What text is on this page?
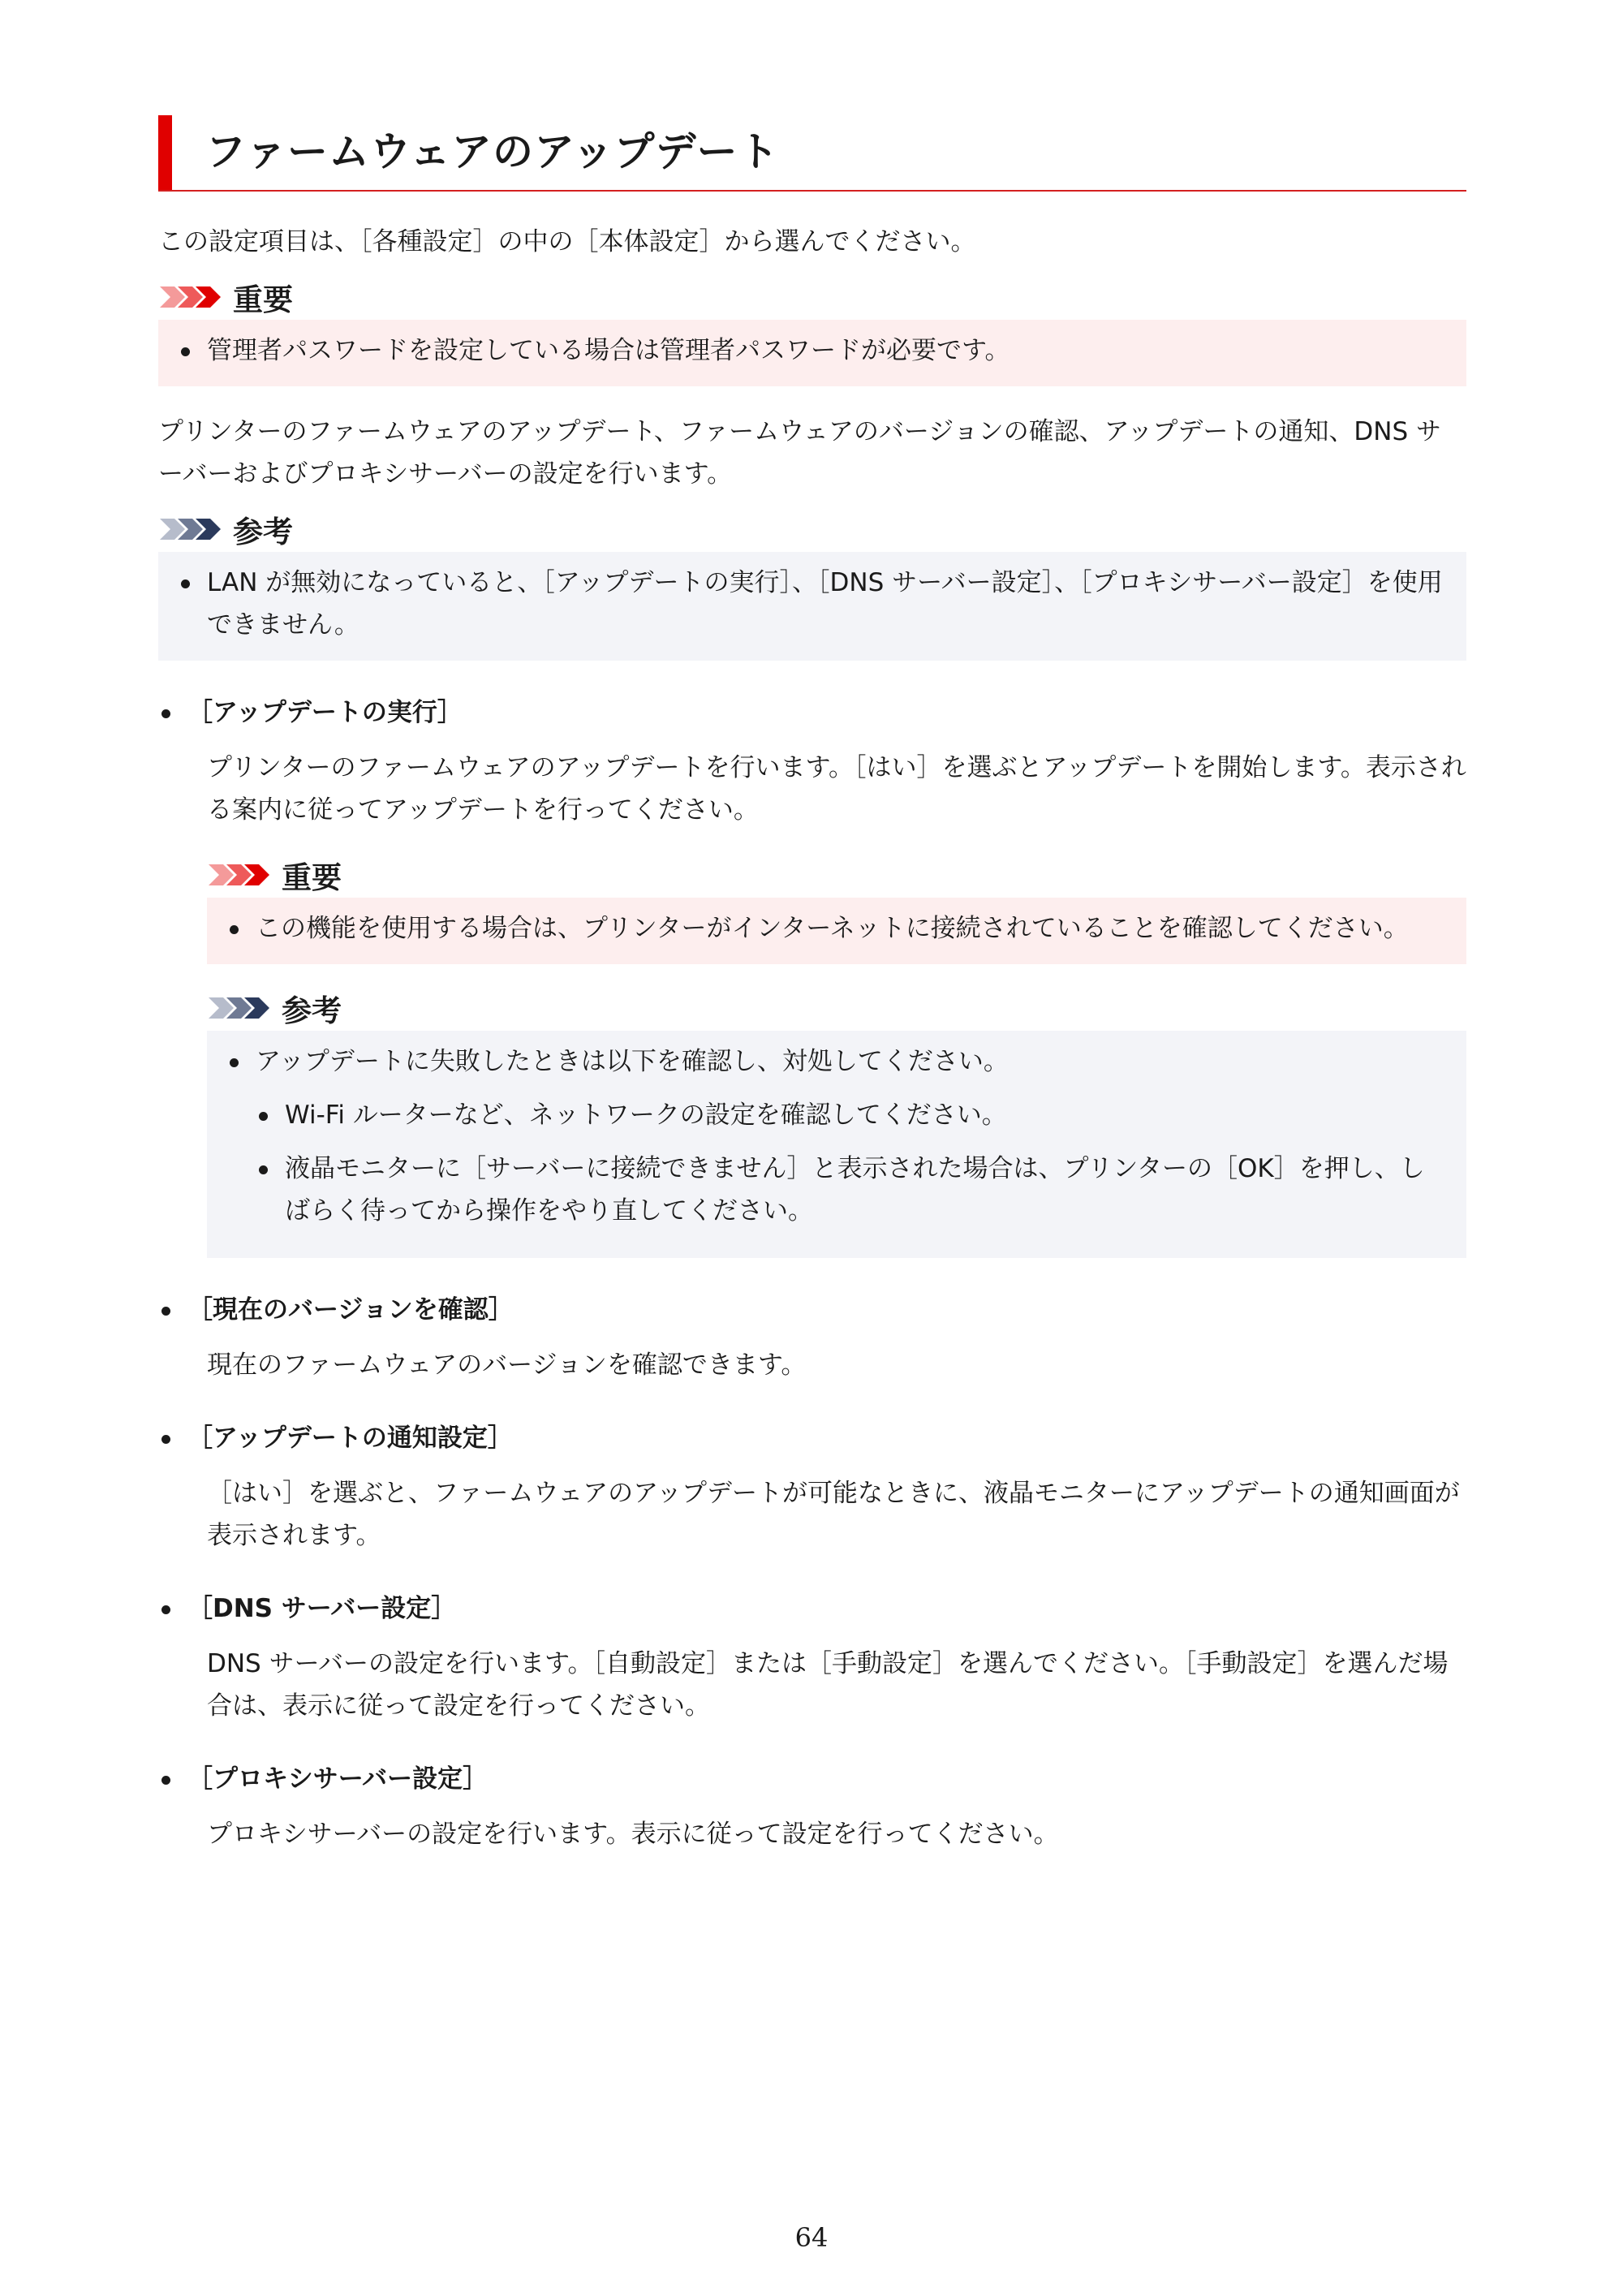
ファームウェアのアップデート

この設定項目は、［各種設定］の中の［本体設定］から選んでください。

重要
管理者パスワードを設定している場合は管理者パスワードが必要です。

プリンターのファームウェアのアップデート、ファームウェアのバージョンの確認、アップデートの通知、DNS サーバーおよびプロキシサーバーの設定を行います。

参考
LAN が無効になっていると、［アップデートの実行］、［DNS サーバー設定］、［プロキシサーバー設定］を使用できません。
［アップデートの実行］

プリンターのファームウェアのアップデートを行います。［はい］を選ぶとアップデートを開始します。表示される案内に従ってアップデートを行ってください。

重要
この機能を使用する場合は、プリンターがインターネットに接続されていることを確認してください。
参考
アップデートに失敗したときは以下を確認し、対処してください。
Wi-Fi ルーターなど、ネットワークの設定を確認してください。
液晶モニターに［サーバーに接続できません］と表示された場合は、プリンターの［OK］を押し、しばらく待ってから操作をやり直してください。
［現在のバージョンを確認］

現在のファームウェアのバージョンを確認できます。

［アップデートの通知設定］

［はい］を選ぶと、ファームウェアのアップデートが可能なときに、液晶モニターにアップデートの通知画面が表示されます。

［DNS サーバー設定］

DNS サーバーの設定を行います。［自動設定］または［手動設定］を選んでください。［手動設定］を選んだ場合は、表示に従って設定を行ってください。

［プロキシサーバー設定］

プロキシサーバーの設定を行います。表示に従って設定を行ってください。

64
